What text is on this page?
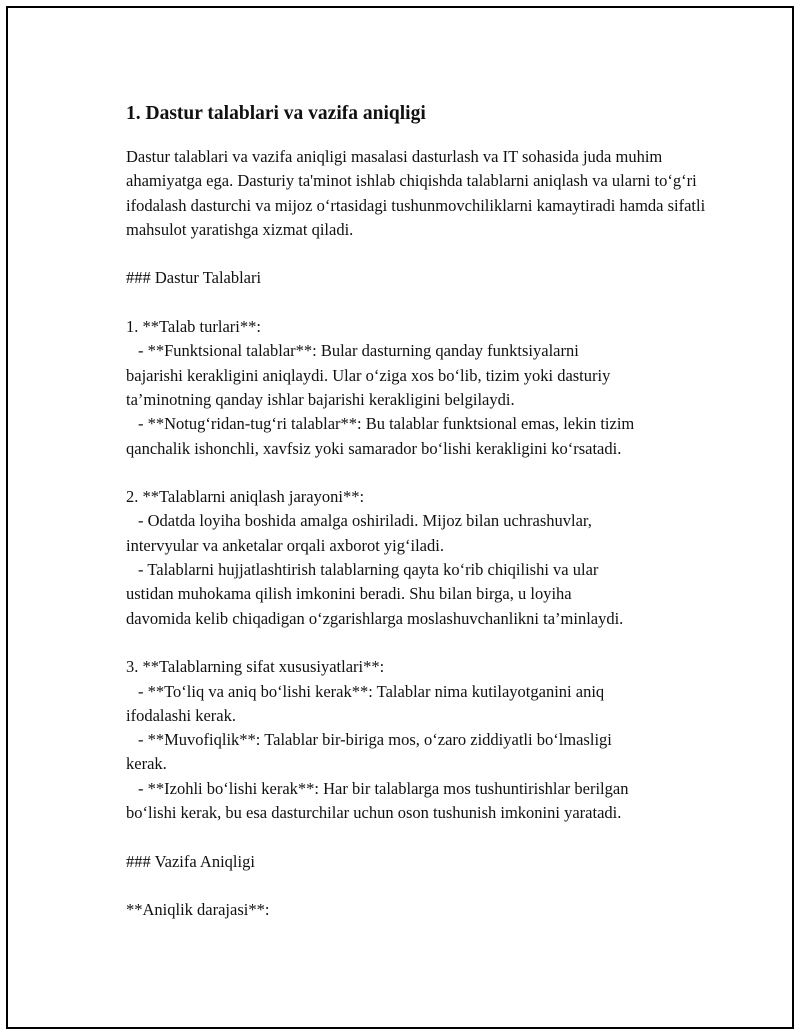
1. Dastur talablari va vazifa aniqligi
Dastur talablari va vazifa aniqligi masalasi dasturlash va IT sohasida juda muhim ahamiyatga ega. Dasturiy ta'minot ishlab chiqishda talablarni aniqlash va ularni to‘g‘ri ifodalash dasturchi va mijoz o‘rtasidagi tushunmovchiliklarni kamaytiradi hamda sifatli mahsulot yaratishga xizmat qiladi.
### Dastur Talablari
1. **Talab turlari**:
- **Funktsional talablar**: Bular dasturning qanday funktsiyalarni
bajarishi kerakligini aniqlaydi. Ular o‘ziga xos bo‘lib, tizim yoki dasturiy
ta’minotning qanday ishlar bajarishi kerakligini belgilaydi.
- **Notug‘ridan-tug‘ri talablar**: Bu talablar funktsional emas, lekin tizim
qanchalik ishonchli, xavfsiz yoki samarador bo‘lishi kerakligini ko‘rsatadi.
2. **Talablarni aniqlash jarayoni**:
- Odatda loyiha boshida amalga oshiriladi. Mijoz bilan uchrashuvlar,
intervyular va anketalar orqali axborot yig‘iladi.
- Talablarni hujjatlashtirish talablarning qayta ko‘rib chiqilishi va ular
ustidan muhokama qilish imkonini beradi. Shu bilan birga, u loyiha
davomida kelib chiqadigan o‘zgarishlarga moslashuvchanlikni ta’minlaydi.
3. **Talablarning sifat xususiyatlari**:
- **To‘liq va aniq bo‘lishi kerak**: Talablar nima kutilayotganini aniq
ifodalashi kerak.
- **Muvofiqlik**: Talablar bir-biriga mos, o‘zaro ziddiyatli bo‘lmasligi
kerak.
- **Izohli bo‘lishi kerak**: Har bir talablarga mos tushuntirishlar berilgan
bo‘lishi kerak, bu esa dasturchilar uchun oson tushunish imkonini yaratadi.
### Vazifa Aniqligi
**Aniqlik darajasi**:
